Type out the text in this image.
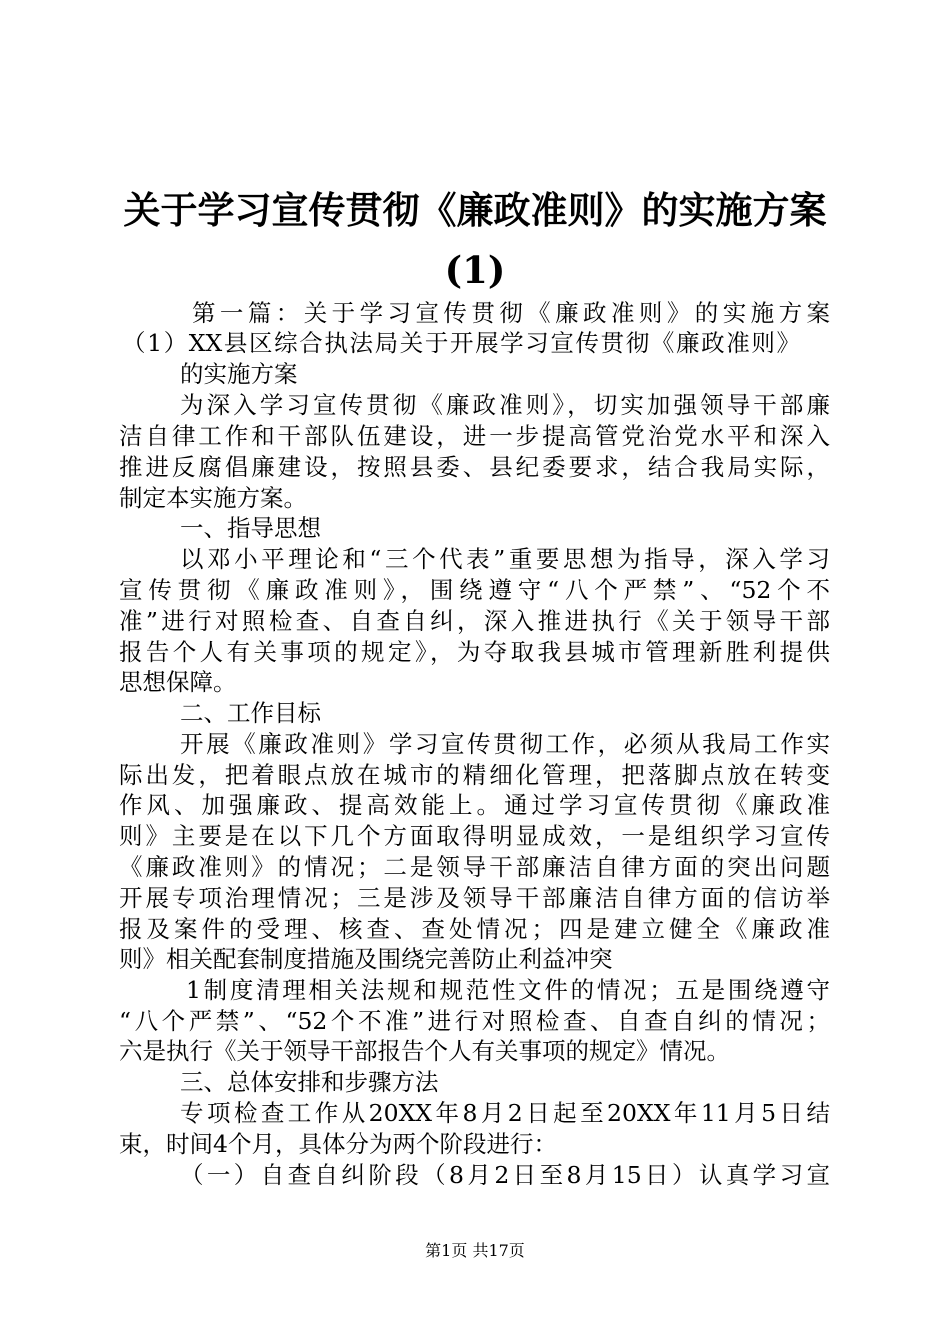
关于学习宣传贯彻《廉政准则》的实施方案
(1)
第一篇：关于学习宣传贯彻《廉政准则》的实施方案
（1）XX县区综合执法局关于开展学习宣传贯彻《廉政准则》
的实施方案
为深入学习宣传贯彻《廉政准则》，切实加强领导干部廉
洁自律工作和干部队伍建设，进一步提高管党治党水平和深入
推进反腐倡廉建设，按照县委、县纪委要求，结合我局实际，
制定本实施方案。
一、指导思想
以邓小平理论和“三个代表”重要思想为指导，深入学习
宣传贯彻《廉政准则》，围绕遵守“八个严禁”、“52个不
准”进行对照检查、自查自纠，深入推进执行《关于领导干部
报告个人有关事项的规定》，为夺取我县城市管理新胜利提供
思想保障。
二、工作目标
开展《廉政准则》学习宣传贯彻工作，必须从我局工作实
际出发，把着眼点放在城市的精细化管理，把落脚点放在转变
作风、加强廉政、提高效能上。通过学习宣传贯彻《廉政准
则》主要是在以下几个方面取得明显成效，一是组织学习宣传
《廉政准则》的情况；二是领导干部廉洁自律方面的突出问题
开展专项治理情况；三是涉及领导干部廉洁自律方面的信访举
报及案件的受理、核查、查处情况；四是建立健全《廉政准
则》相关配套制度措施及围绕完善防止利益冲突
1制度清理相关法规和规范性文件的情况；五是围绕遵守
“八个严禁”、“52个不准”进行对照检查、自查自纠的情况；
六是执行《关于领导干部报告个人有关事项的规定》情况。
三、总体安排和步骤方法
专项检查工作从20XX年8月2日起至20XX年11月5日结
束，时间4个月，具体分为两个阶段进行：
（一）自查自纠阶段（8月2日至8月15日）认真学习宣
第1页 共17页
